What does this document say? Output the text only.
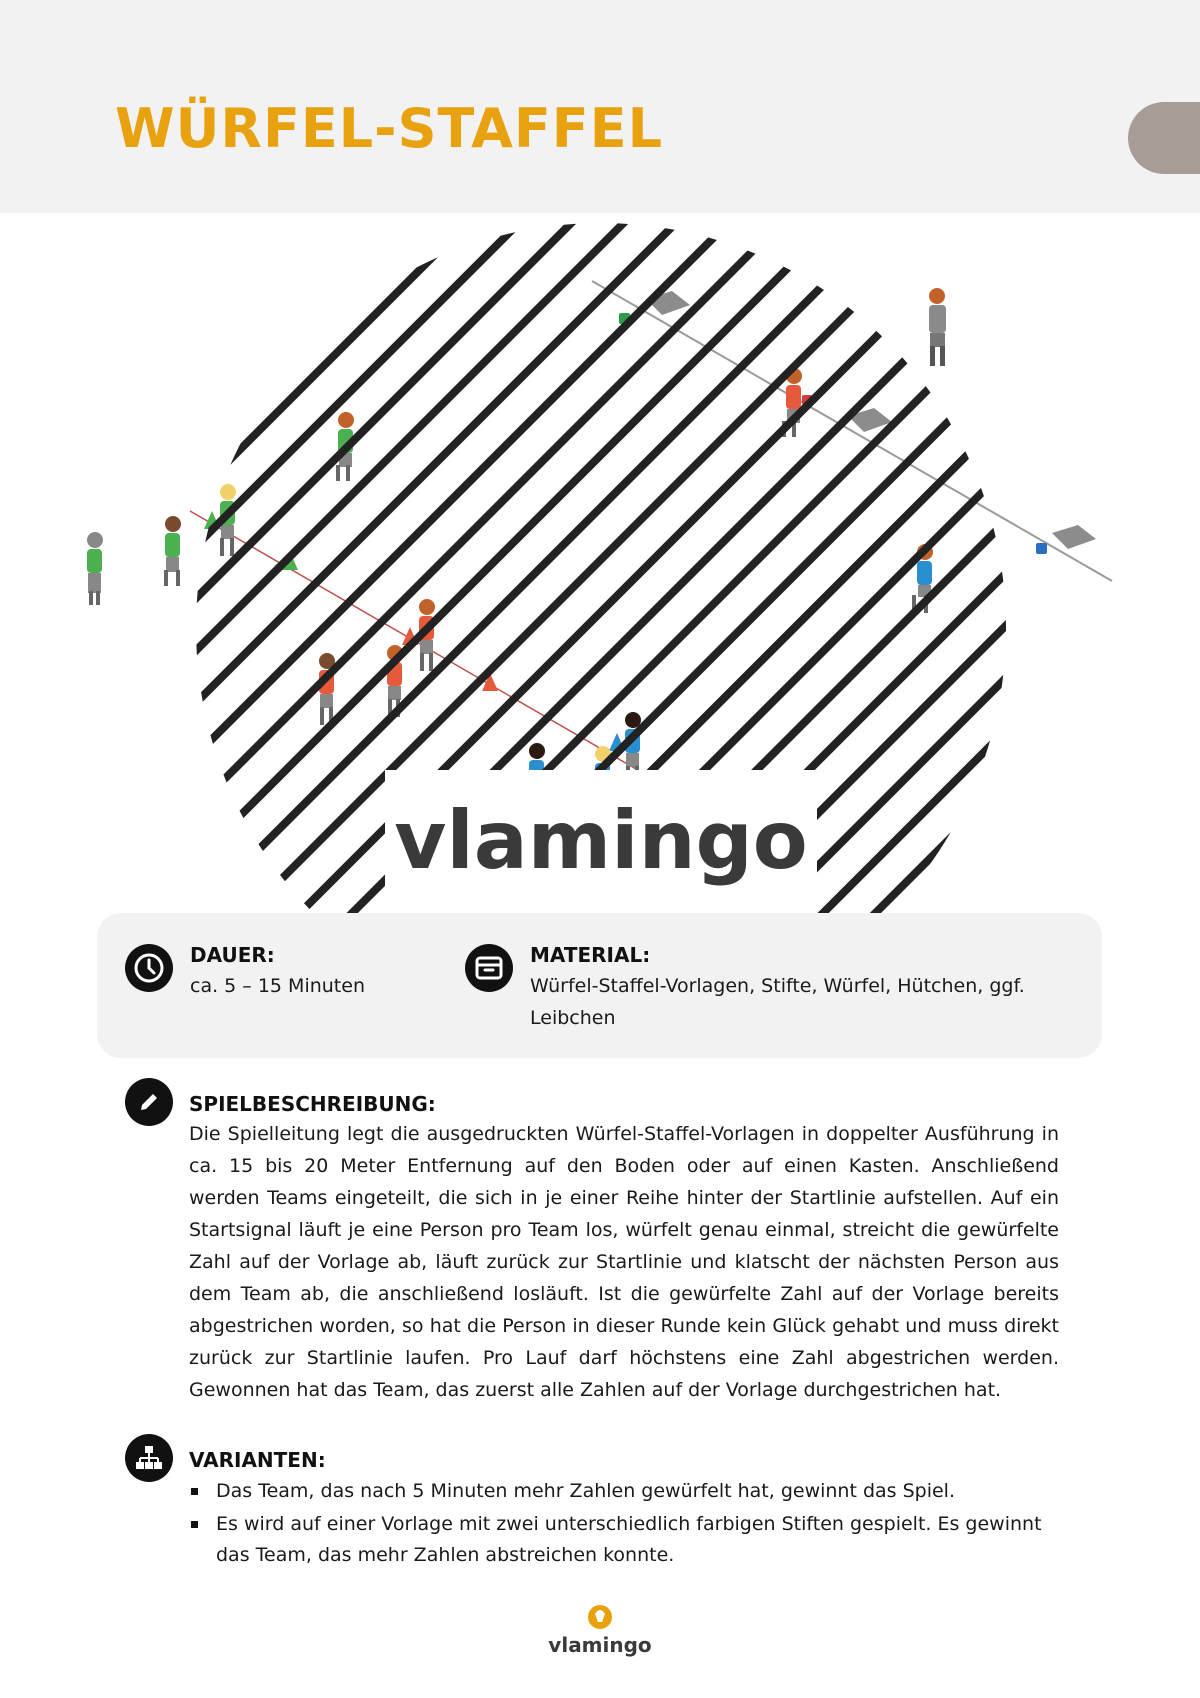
WÜRFEL-STAFFEL
vlamingo
DAUER:
ca. 5 – 15 Minuten
MATERIAL:
Würfel-Staffel-Vorlagen, Stifte, Würfel, Hütchen, ggf. Leibchen
SPIELBESCHREIBUNG:
Die Spielleitung legt die ausgedruckten Würfel-Staffel-Vorlagen in doppelter Ausführung in ca. 15 bis 20 Meter Entfernung auf den Boden oder auf einen Kasten. Anschließend werden Teams eingeteilt, die sich in je einer Reihe hinter der Startlinie aufstellen. Auf ein Startsignal läuft je eine Person pro Team los, würfelt genau einmal, streicht die gewürfelte Zahl auf der Vorlage ab, läuft zurück zur Startlinie und klatscht der nächsten Person aus dem Team ab, die anschließend losläuft. Ist die gewürfelte Zahl auf der Vorlage bereits abgestrichen worden, so hat die Person in dieser Runde kein Glück gehabt und muss direkt zurück zur Startlinie laufen. Pro Lauf darf höchstens eine Zahl abgestrichen werden. Gewonnen hat das Team, das zuerst alle Zahlen auf der Vorlage durchgestrichen hat.
VARIANTEN:
Das Team, das nach 5 Minuten mehr Zahlen gewürfelt hat, gewinnt das Spiel.
Es wird auf einer Vorlage mit zwei unterschiedlich farbigen Stiften gespielt. Es gewinnt das Team, das mehr Zahlen abstreichen konnte.
vlamingo
